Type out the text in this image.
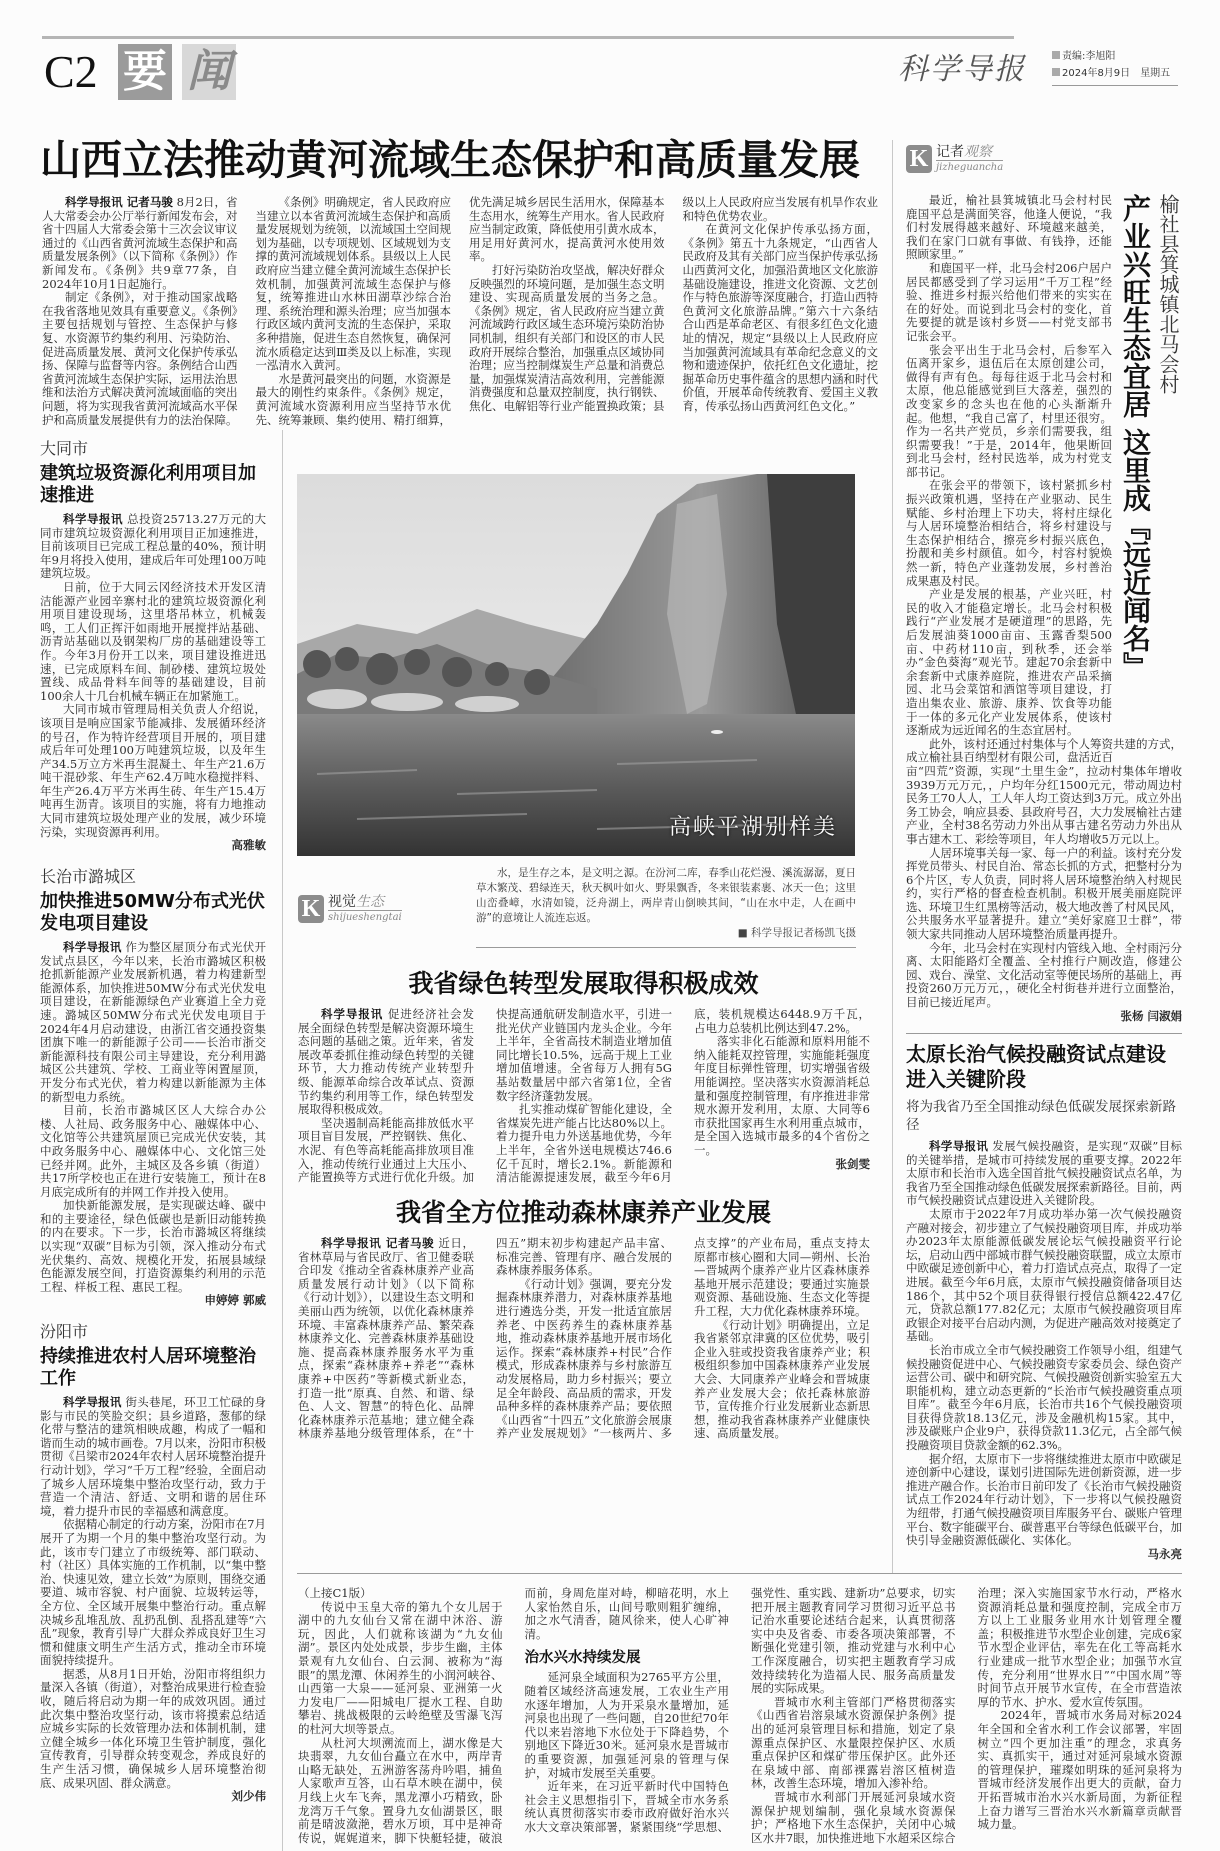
C2 要 闻	科学导报	责编:李旭阳
2024年8月9日 星期五
山西立法推动黄河流域生态保护和高质量发展

科学导报讯 记者马骏 8月2日，省人大常委会办公厅举行新闻发布会，对省十四届人大常委会第十三次会议审议通过的《山西省黄河流域生态保护和高质量发展条例》（以下简称《条例》）作新闻发布。《条例》共9章77条，自2024年10月1日起施行。

制定《条例》，对于推动国家战略在我省落地见效具有重要意义。《条例》主要包括规划与管控、生态保护与修复、水资源节约集约利用、污染防治、促进高质量发展、黄河文化保护传承弘扬、保障与监督等内容。条例结合山西省黄河流域生态保护实际，运用法治思维和法治方式解决黄河流域面临的突出问题，将为实现我省黄河流域高水平保护和高质量发展提供有力的法治保障。

《条例》明确规定，省人民政府应当建立以本省黄河流域生态保护和高质量发展规划为统领，以流域国土空间规划为基础，以专项规划、区域规划为支撑的黄河流域规划体系。县级以上人民政府应当建立健全黄河流域生态保护长效机制，加强黄河流域生态保护与修复，统筹推进山水林田湖草沙综合治理、系统治理和源头治理；应当加强本行政区域内黄河支流的生态保护，采取多种措施，促进生态自然恢复，确保河流水质稳定达到Ⅲ类及以上标准，实现一泓清水入黄河。

水是黄河最突出的问题，水资源是最大的刚性约束条件。《条例》规定，黄河流域水资源利用应当坚持节水优先、统筹兼顾、集约使用、精打细算，优先满足城乡居民生活用水，保障基本生态用水，统筹生产用水。省人民政府应当制定政策，降低使用引黄水成本，用足用好黄河水，提高黄河水使用效率。

打好污染防治攻坚战，解决好群众反映强烈的环境问题，是加强生态文明建设、实现高质量发展的当务之急。《条例》规定，省人民政府应当建立黄河流域跨行政区域生态环境污染防治协同机制，组织有关部门和设区的市人民政府开展综合整治，加强重点区域协同治理；应当控制煤炭生产总量和消费总量，加强煤炭清洁高效利用，完善能源消费强度和总量双控制度，执行钢铁、焦化、电解铝等行业产能置换政策；县级以上人民政府应当发展有机旱作农业和特色优势农业。

在黄河文化保护传承弘扬方面，《条例》第五十九条规定，“山西省人民政府及其有关部门应当保护传承弘扬山西黄河文化，加强沿黄地区文化旅游基础设施建设，推进文化资源、文艺创作与特色旅游等深度融合，打造山西特色黄河文化旅游品牌。”第六十六条结合山西是革命老区、有很多红色文化遗址的情况，规定“县级以上人民政府应当加强黄河流域具有革命纪念意义的文物和遗迹保护，依托红色文化遗址，挖掘革命历史事件蕴含的思想内涵和时代价值，开展革命传统教育、爱国主义教育，传承弘扬山西黄河红色文化。”

K 记者观察
jizheguancha
产业兴旺生态宜居 这里成『远近闻名』 榆社县箕城镇北马会村

最近，榆社县箕城镇北马会村村民鹿国平总是满面笑容，他逢人便说，“我们村发展得越来越好、环境越来越美，我们在家门口就有事做、有钱挣，还能照顾家里。”

和鹿国平一样，北马会村206户居户居民都感受到了学习运用“千万工程”经验、推进乡村振兴给他们带来的实实在在的好处。而说到北马会村的变化，首先要提的就是该村乡贤——村党支部书记张会平。

张会平出生于北马会村，后参军入伍离开家乡，退伍后在太原创建公司，做得有声有色。每每往返于北马会村和太原，他总能感觉到巨大落差，强烈的改变家乡的念头也在他的心头渐渐升起。他想，“我自己富了，村里还很穷。作为一名共产党员，乡亲们需要我，组织需要我！”于是，2014年，他果断回到北马会村，经村民选举，成为村党支部书记。

在张会平的带领下，该村紧抓乡村振兴政策机遇，坚持在产业驱动、民生赋能、乡村治理上下功夫，将村庄绿化与人居环境整治相结合，将乡村建设与生态保护相结合，擦亮乡村振兴底色，扮靓和美乡村颜值。如今，村容村貌焕然一新，特色产业蓬勃发展，乡村善治成果惠及村民。

产业是发展的根基，产业兴旺，村民的收入才能稳定增长。北马会村积极践行“产业发展才是硬道理”的思路，先后发展油葵1000亩亩、玉露香梨500亩、中药材110亩，到秋季，还会举办“金色葵海”观光节。建起70余套新中余套新中式康养庭院，推进农产品采摘园、北马会菜馆和酒馆等项目建设，打造出集农业、旅游、康养、饮食等功能于一体的多元化产业发展体系，使该村逐渐成为远近闻名的生态宜居村。

此外，该村还通过村集体与个人筹资共建的方式，成立榆社县百纳型材有限公司，盘活近百

亩“四荒”资源，实现“土里生金”，拉动村集体年增收3939万元万元，，户均年分红1500元元，带动周边村民务工70人人，工人年人均工资达到3万元。成立外出务工协会，响应县委、县政府号召，大力发展榆社古建产业，全村38名劳动力外出从事古建名劳动力外出从事古建木工、彩绘等项目，年人均增收5万元以上。

人居环境事关每一家、每一户的利益。该村充分发挥党员带头、村民自治、常态长抓的方式，把整村分为6个片区，专人负责，同时将人居环境整治纳入村规民约，实行严格的督查检查机制。积极开展美丽庭院评选、环境卫生红黑榜等活动，极大地改善了村风民风，公共服务水平显著提升。建立“美好家庭卫士群”，带领大家共同推动人居环境整治质量再提升。

今年，北马会村在实现村内管线入地、全村雨污分离、太阳能路灯全覆盖、全村推行户厕改造，修建公园、戏台、澡堂、文化活动室等便民场所的基础上，再投资260万元万元，，硬化全村街巷并进行立面整治，目前已接近尾声。

张杨 闫淑娟

大同市
建筑垃圾资源化利用项目加速推进

科学导报讯 总投资25713.27万元的大同市建筑垃圾资源化利用项目正加速推进，目前该项目已完成工程总量的40%，预计明年9月将投入使用，建成后年可处理100万吨建筑垃圾。

日前，位于大同云冈经济技术开发区清洁能源产业园辛寨村北的建筑垃圾资源化利用项目建设现场，这里塔吊林立，机械轰鸣，工人们正挥汗如雨地开展搅拌站基础、沥青站基础以及钢架构厂房的基础建设等工作。今年3月份开工以来，项目建设推进迅速，已完成原料车间、制砂楼、建筑垃圾处置线、成品骨料车间等的基础建设，目前100余人十几台机械车辆正在加紧施工。

大同市城市管理局相关负责人介绍说，该项目是响应国家节能减排、发展循环经济的号召，作为特许经营项目开展的，项目建成后年可处理100万吨建筑垃圾，以及年生产34.5万立方米再生混凝土、年生产21.6万吨干混砂浆、年生产62.4万吨水稳搅拌料、年生产26.4万平方米再生砖、年生产15.4万吨再生沥青。该项目的实施，将有力地推动大同市建筑垃圾处理产业的发展，减少环境污染，实现资源再利用。

高雅敏

长治市潞城区
加快推进50MW分布式光伏发电项目建设

科学导报讯 作为整区屋顶分布式光伏开发试点县区，今年以来，长治市潞城区积极抢抓新能源产业发展新机遇，着力构建新型能源体系，加快推进50MW分布式光伏发电项目建设，在新能源绿色产业赛道上全力竞速。潞城区50MW分布式光伏发电项目于2024年4月启动建设，由浙江省交通投资集团旗下唯一的新能源子公司——长治市浙交新能源科技有限公司主导建设，充分利用潞城区公共建筑、学校、工商业等闲置屋顶，开发分布式光伏，着力构建以新能源为主体的新型电力系统。

目前，长治市潞城区区人大综合办公楼、人社局、政务服务中心、融媒体中心、文化馆等公共建筑屋顶已完成光伏安装，其中政务服务中心、融媒体中心、文化馆三处已经并网。此外，主城区及各乡镇（街道）共17所学校也正在进行安装施工，预计在8月底完成所有的并网工作并投入使用。

加快新能源发展，是实现碳达峰、碳中和的主要途径，绿色低碳也是新旧动能转换的内在要求。下一步，长治市潞城区将继续以实现“双碳”目标为引领，深入推动分布式光伏集约、高效、规模化开发，拓展县域绿色能源发展空间，打造资源集约利用的示范工程、样板工程、惠民工程。

申婷婷 郭威

汾阳市
持续推进农村人居环境整治工作

科学导报讯 街头巷尾，环卫工忙碌的身影与市民的笑脸交织；县乡道路，葱郁的绿化带与整洁的建筑相映成趣，构成了一幅和谐而生动的城市画卷。7月以来，汾阳市积极贯彻《吕梁市2024年农村人居环境整治提升行动计划》，学习“千万工程”经验，全面启动了城乡人居环境集中整治攻坚行动，致力于营造一个清洁、舒适、文明和谐的居住环境，着力提升市民的幸福感和满意度。

依据精心制定的行动方案，汾阳市在7月展开了为期一个月的集中整治攻坚行动。为此，该市专门建立了市级统筹、部门联动、村（社区）具体实施的工作机制，以“集中整治、快速见效，建立长效”为原则，围绕交通要道、城市容貌、村户面貌、垃圾转运等，全方位、全区域开展集中整治行动。重点解决城乡乱堆乱放、乱扔乱倒、乱搭乱建等“六乱”现象，教育引导广大群众养成良好卫生习惯和健康文明生产生活方式，推动全市环境面貌持续提升。

据悉，从8月1日开始，汾阳市将组织力量深入各镇（街道），对整治成果进行检查验收，随后将启动为期一年的成效巩固。通过此次集中整治攻坚行动，该市将摸索总结适应城乡实际的长效管理办法和体制机制，建立健全城乡一体化环境卫生管护制度，强化宣传教育，引导群众转变观念，养成良好的生产生活习惯，确保城乡人居环境整治彻底、成果巩固、群众满意。

刘少伟

高峡平湖别样美
K 视觉生态
shijueshengtai
水，是生存之本，是文明之源。在汾河二库，春季山花烂漫、溪流潺潺，夏日草木繁茂、碧绿连天，秋天枫叶如火、野果飘香，冬来银装素裹、冰天一色；这里山峦叠嶂，水清如镜，泛舟湖上，两岸青山倒映其间，“山在水中走，人在画中游”的意境让人流连忘返。
■ 科学导报记者杨凯飞摄
我省绿色转型发展取得积极成效

科学导报讯 促进经济社会发展全面绿色转型是解决资源环境生态问题的基础之策。近年来，省发展改革委抓住推动绿色转型的关键环节，大力推动传统产业转型升级、能源革命综合改革试点、资源节约集约利用等工作，绿色转型发展取得积极成效。

坚决遏制高耗能高排放低水平项目盲目发展，严控钢铁、焦化、水泥、有色等高耗能高排放项目准入，推动传统行业通过上大压小、产能置换等方式进行优化升级。加快提高通航研发制造水平，引进一批光伏产业链国内龙头企业。今年上半年，全省高技术制造业增加值同比增长10.5%，远高于规上工业增加值增速。全省每万人拥有5G基站数量居中部六省第1位，全省数字经济蓬勃发展。

扎实推动煤矿智能化建设，全省煤炭先进产能占比达80%以上。着力提升电力外送基地优势，今年上半年，全省外送电规模达746.6亿千瓦时，增长2.1%。新能源和清洁能源提速发展，截至今年6月底，装机规模达6448.9万千瓦，占电力总装机比例达到47.2%。

落实非化石能源和原料用能不纳入能耗双控管理，实施能耗强度年度目标弹性管理，切实增强省级用能调控。坚决落实水资源消耗总量和强度控制管理，有序推进非常规水源开发利用，太原、大同等6市获批国家再生水利用重点城市，是全国入选城市最多的4个省份之一。

张剑雯

我省全方位推动森林康养产业发展

科学导报讯 记者马骏 近日，省林草局与省民政厅、省卫健委联合印发《推动全省森林康养产业高质量发展行动计划》（以下简称《行动计划》），以建设生态文明和美丽山西为统领，以优化森林康养环境、丰富森林康养产品、繁荣森林康养文化、完善森林康养基础设施、提高森林康养服务水平为重点，探索“森林康养+养老”“森林康养+中医药”等新模式新业态，打造一批“原真、自然、和谐、绿色、人文、智慧”的特色化、品牌化森林康养示范基地；建立健全森林康养基地分级管理体系，在“十四五”期末初步构建起产品丰富、标准完善、管理有序、融合发展的森林康养服务体系。

《行动计划》强调，要充分发掘森林康养潜力，对森林康养基地进行遴选分类，开发一批适宜旅居养老、中医药养生的森林康养基地，推动森林康养基地开展市场化运作。探索“森林康养+村民”合作模式，形成森林康养与乡村旅游互动发展格局，助力乡村振兴；要立足全年龄段、高品质的需求，开发品种多样的森林康养产品；要依照《山西省“十四五”文化旅游会展康养产业发展规划》“一核两片、多点支撑”的产业布局，重点支持太原都市核心圈和大同—朔州、长治—晋城两个康养产业片区森林康养基地开展示范建设；要通过实施景观资源、基础设施、生态文化等提升工程，大力优化森林康养环境。

《行动计划》明确提出，立足我省紧邻京津冀的区位优势，吸引企业入驻或投资我省康养产业；积极组织参加中国森林康养产业发展大会、大同康养产业峰会和晋城康养产业发展大会；依托森林旅游节，宣传推介行业发展新业态新思想，推动我省森林康养产业健康快速、高质量发展。

太原长治气候投融资试点建设进入关键阶段
将为我省乃至全国推动绿色低碳发展探索新路径

科学导报讯 发展气候投融资，是实现“双碳”目标的关键举措，是城市可持续发展的重要支撑。2022年太原市和长治市入选全国首批气候投融资试点名单，为我省乃至全国推动绿色低碳发展探索新路径。目前，两市气候投融资试点建设进入关键阶段。

太原市于2022年7月成功举办第一次气候投融资产融对接会，初步建立了气候投融资项目库，并成功举办2023年太原能源低碳发展论坛气候投融资平行论坛，启动山西中部城市群气候投融资联盟，成立太原市中欧碳足迹创新中心，着力打造试点亮点，取得了一定进展。截至今年6月底，太原市气候投融资储备项目达186个，其中52个项目获得银行授信总额422.47亿元，贷款总额177.82亿元；太原市气候投融资项目库政银企对接平台启动内测，为促进产融高效对接奠定了基础。

长治市成立全市气候投融资工作领导小组，组建气候投融资促进中心、气候投融资专家委员会、绿色资产运营公司、碳中和研究院、气候投融资创新实验室五大职能机构，建立动态更新的“长治市气候投融资重点项目库”。截至今年6月底，长治市共16个气候投融资项目获得贷款18.13亿元，涉及金融机构15家。其中，涉及碳账户企业9户，获得贷款11.3亿元，占全部气候投融资项目贷款金额的62.3%。

据介绍，太原市下一步将继续推进太原市中欧碳足迹创新中心建设，谋划引进国际先进创新资源，进一步推进产融合作。长治市日前印发了《长治市气候投融资试点工作2024年行动计划》，下一步将以气候投融资为纽带，打通气候投融资项目库服务平台、碳账户管理平台、数字能碳平台、碳普惠平台等绿色低碳平台，加快引导金融资源低碳化、实体化。

马永亮

（上接C1版）

传说中玉皇大帝的第九个女儿居于湖中的九女仙台又常在湖中沐浴、游玩，因此，人们就称该湖为“九女仙湖”。景区内处处成景，步步生幽，主体景观有九女仙台、白云洞、被称为“海眼”的黑龙潭、休闲养生的小润河峡谷、山西第一大泉——延河泉、亚洲第一火力发电厂——阳城电厂提水工程、自助攀岩、挑战极限的云岭绝壁及雪瀑飞泻的杜河大坝等景点。

从杜河大坝溯流而上，湖水像是大块翡翠，九女仙台矗立在水中，两岸青山略无缺处，五洲游客荡舟吟唱，捕鱼人家歌声互答，山石草木映在湖中，侯月线上火车飞奔，黑龙潭小巧精致，卧龙湾万千气象。置身九女仙湖景区，眼前是晴波潋滟，碧水万顷，耳中是神奇传说，娓娓道来，脚下快艇轻捷，破浪而前，身周危崖对峙，柳暗花明，水上人家怡然自乐，山间号歌则粗犷缠绵，加之水气清香，随风徐来，使人心旷神清。

治水兴水持续发展

延河泉全域面积为2765平方公里，随着区域经济高速发展，工农业生产用水逐年增加，人为开采泉水量增加，延河泉也出现了一些问题，自20世纪70年代以来岩溶地下水位处于下降趋势，个别地区下降近30米。延河泉水是晋城市的重要资源，加强延河泉的管理与保护，对城市发展至关重要。

近年来，在习近平新时代中国特色社会主义思想指引下，晋城全市水务系统认真贯彻落实市委市政府做好治水兴水大文章决策部署，紧紧围绕“学思想、强党性、重实践、建新功”总要求，切实把开展主题教育同学习贯彻习近平总书记治水重要论述结合起来，认真贯彻落实中央及省委、市委各项决策部署，不断强化党建引领，推动党建与水利中心工作深度融合，切实把主题教育学习成效持续转化为造福人民、服务高质量发展的实际成果。

晋城市水利主管部门严格贯彻落实《山西省岩溶泉域水资源保护条例》提出的延河泉管理目标和措施，划定了泉源重点保护区、水量限控保护区、水质重点保护区和煤矿带压保护区。此外还在泉域中部、南部裸露岩溶区植树造林，改善生态环境，增加入渗补给。

晋城市水利部门开展延河泉域水资源保护规划编制，强化泉域水资源保护；严格地下水生态保护，关闭中心城区水井7眼，加快推进地下水超采区综合治理；深入实施国家节水行动，严格水资源消耗总量和强度控制，完成全市万方以上工业服务业用水计划管理全覆盖；积极推进节水型企业创建，完成6家节水型企业评估，率先在化工等高耗水行业建成一批节水型企业；加强节水宣传，充分利用“世界水日”“中国水周”等时间节点开展节水宣传，在全市营造浓厚的节水、护水、爱水宣传氛围。

2024年，晋城市水务局对标2024年全国和全省水利工作会议部署，牢固树立“四个更加注重”的理念，求真务实、真抓实干，通过对延河泉域水资源的管理保护，璀璨如明珠的延河泉将为晋城市经济发展作出更大的贡献，奋力开拓晋城市治水兴水新局面，为新征程上奋力谱写三晋治水兴水新篇章贡献晋城力量。
